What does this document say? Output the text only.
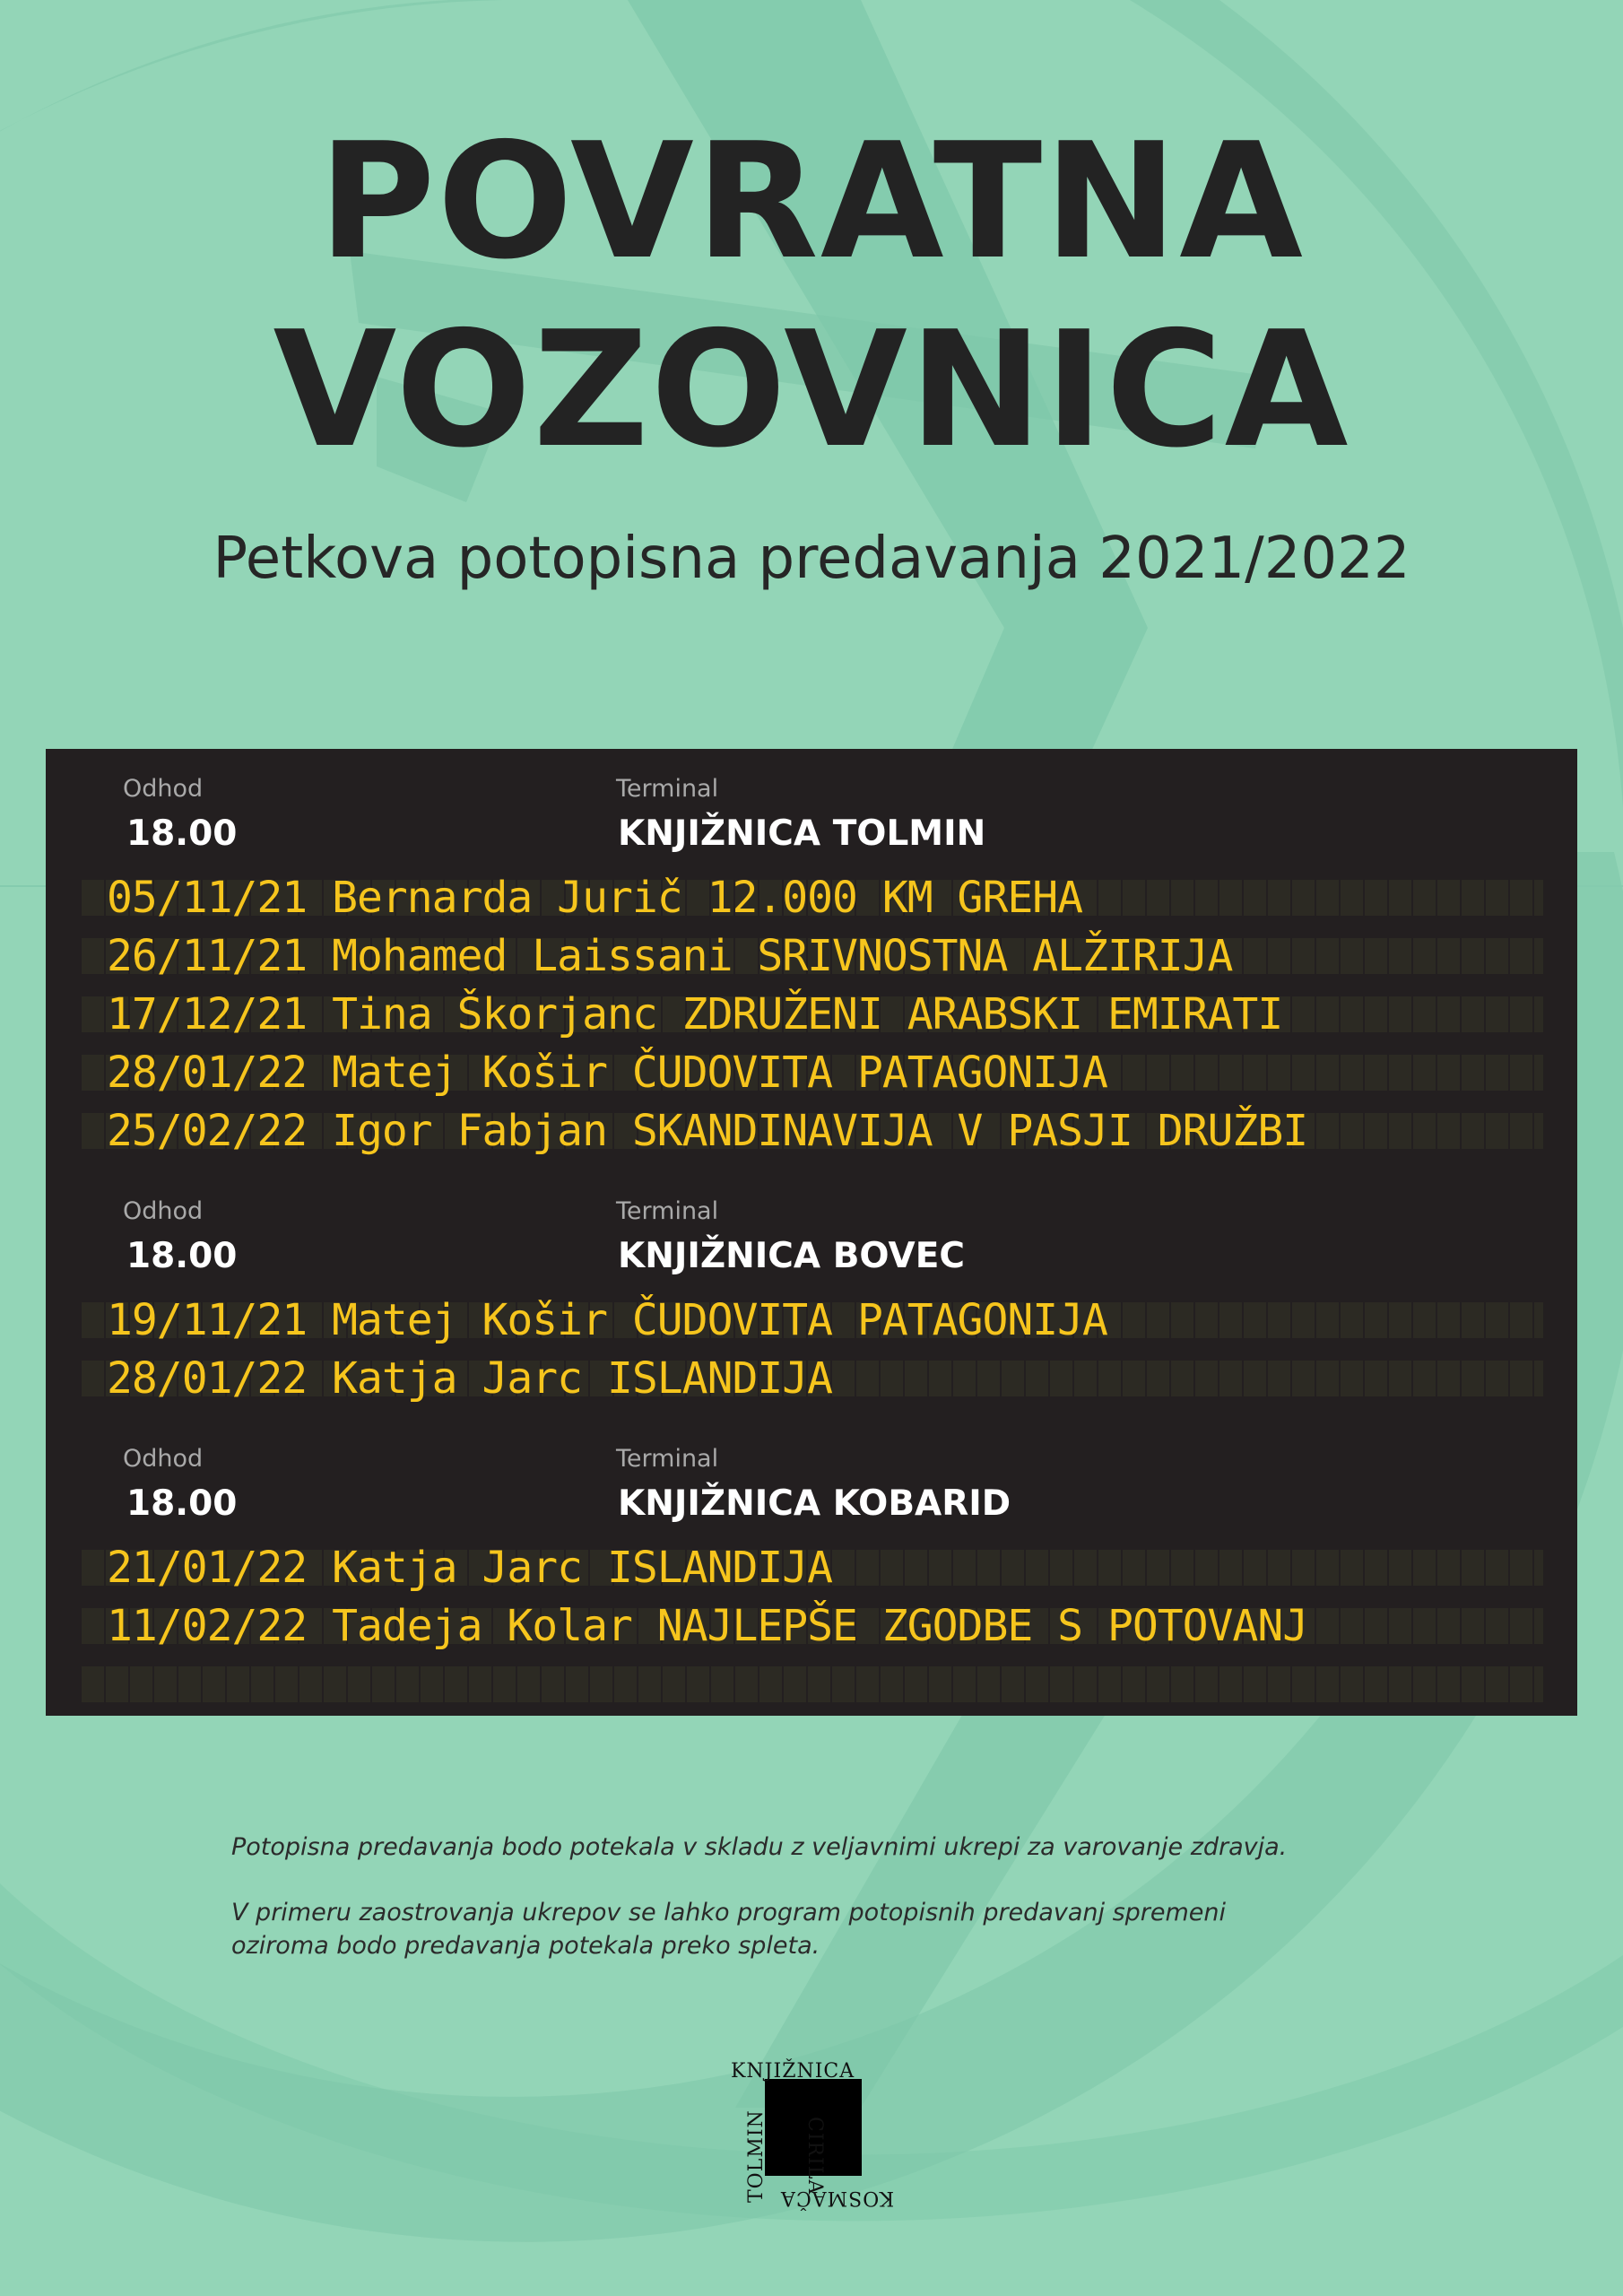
POVRATNA
VOZOVNICA
Petkova potopisna predavanja 2021/2022
Odhod
18.00
Terminal
KNJIŽNICA TOLMIN
05/11/21 Bernarda Jurič 12.000 KM GREHA
26/11/21 Mohamed Laissani SRIVNOSTNA ALŽIRIJA
17/12/21 Tina Škorjanc ZDRUŽENI ARABSKI EMIRATI
28/01/22 Matej Košir ČUDOVITA PATAGONIJA
25/02/22 Igor Fabjan SKANDINAVIJA V PASJI DRUŽBI
Odhod
18.00
Terminal
KNJIŽNICA BOVEC
19/11/21 Matej Košir ČUDOVITA PATAGONIJA
28/01/22 Katja Jarc ISLANDIJA
Odhod
18.00
Terminal
KNJIŽNICA KOBARID
21/01/22 Katja Jarc ISLANDIJA
11/02/22 Tadeja Kolar NAJLEPŠE ZGODBE S POTOVANJ
Potopisna predavanja bodo potekala v skladu z veljavnimi ukrepi za varovanje zdravja.
V primeru zaostrovanja ukrepov se lahko program potopisnih predavanj spremeni
oziroma bodo predavanja potekala preko spleta.
KNJIŽNICA
CIRILA
KOSMAČA
TOLMIN
